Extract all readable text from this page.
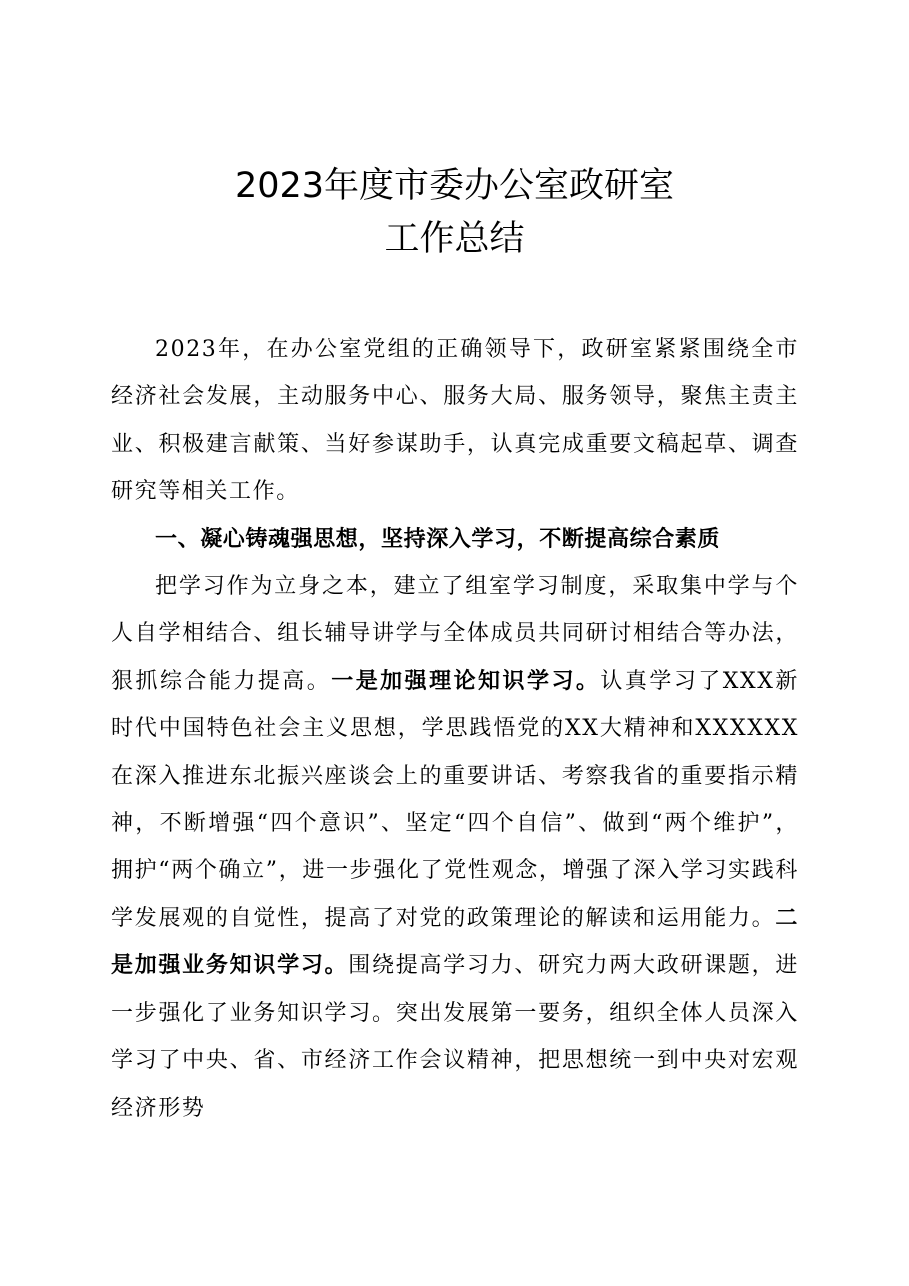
2023年度市委办公室政研室
工作总结

2023年，在办公室党组的正确领导下，政研室紧紧围绕全市经济社会发展，主动服务中心、服务大局、服务领导，聚焦主责主业、积极建言献策、当好参谋助手，认真完成重要文稿起草、调查研究等相关工作。

一、凝心铸魂强思想，坚持深入学习，不断提高综合素质

把学习作为立身之本，建立了组室学习制度，采取集中学与个人自学相结合、组长辅导讲学与全体成员共同研讨相结合等办法，狠抓综合能力提高。一是加强理论知识学习。认真学习了XXX新时代中国特色社会主义思想，学思践悟党的XX大精神和XXXXXX在深入推进东北振兴座谈会上的重要讲话、考察我省的重要指示精神，不断增强“四个意识”、坚定“四个自信”、做到“两个维护”，拥护“两个确立”，进一步强化了党性观念，增强了深入学习实践科学发展观的自觉性，提高了对党的政策理论的解读和运用能力。二是加强业务知识学习。围绕提高学习力、研究力两大政研课题，进一步强化了业务知识学习。突出发展第一要务，组织全体人员深入学习了中央、省、市经济工作会议精神，把思想统一到中央对宏观经济形势
